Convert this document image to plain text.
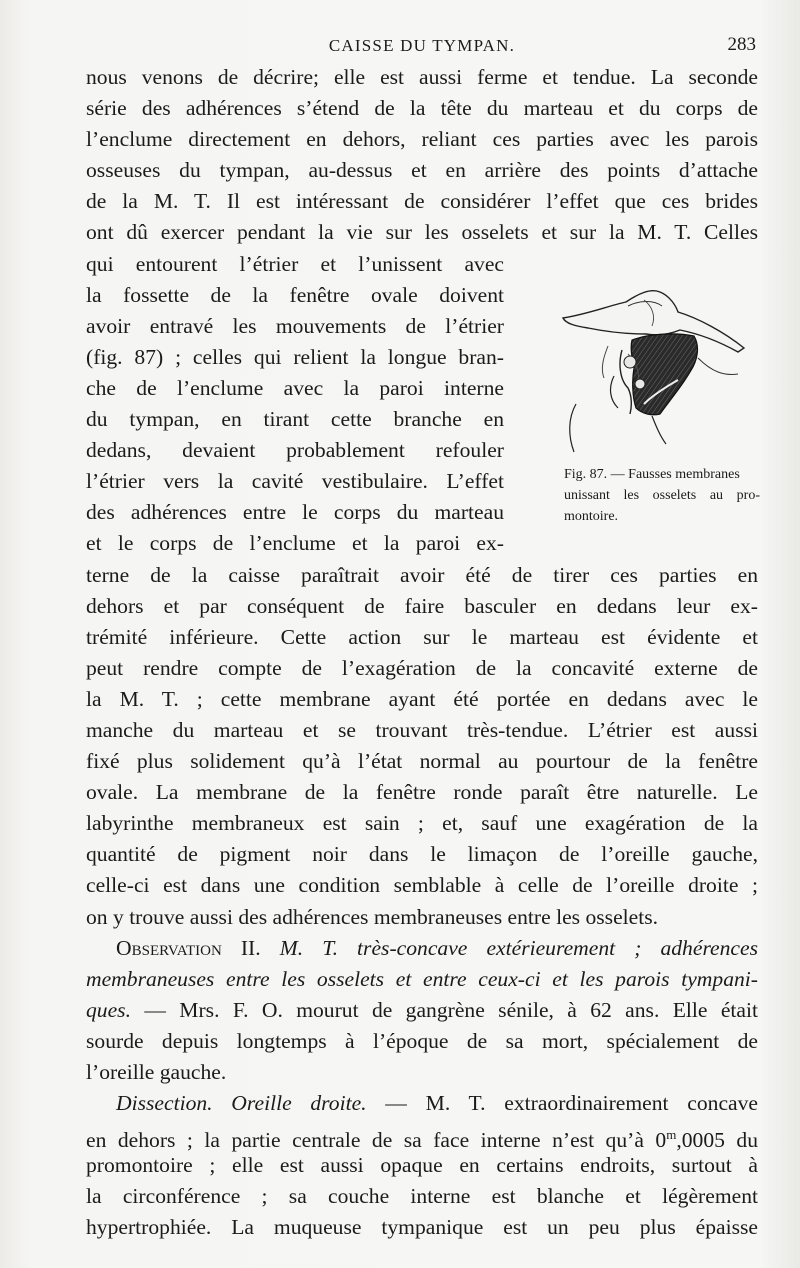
CAISSE DU TYMPAN.	283
Fig. 87. — Fausses membranes
unissant les osselets au pro-
montoire.
nous venons de décrire; elle est aussi ferme et tendue. La seconde
série des adhérences s’étend de la tête du marteau et du corps de
l’enclume directement en dehors, reliant ces parties avec les parois
osseuses du tympan, au-dessus et en arrière des points d’attache
de la M. T. Il est intéressant de considérer l’effet que ces brides
ont dû exercer pendant la vie sur les osselets et sur la M. T. Celles
qui entourent l’étrier et l’unissent avec
la fossette de la fenêtre ovale doivent
avoir entravé les mouvements de l’étrier
(fig. 87) ; celles qui relient la longue bran-
che de l’enclume avec la paroi interne
du tympan, en tirant cette branche en
dedans, devaient probablement refouler
l’étrier vers la cavité vestibulaire. L’effet
des adhérences entre le corps du marteau
et le corps de l’enclume et la paroi ex-
terne de la caisse paraîtrait avoir été de tirer ces parties en
dehors et par conséquent de faire basculer en dedans leur ex-
trémité inférieure. Cette action sur le marteau est évidente et
peut rendre compte de l’exagération de la concavité externe de
la M. T. ; cette membrane ayant été portée en dedans avec le
manche du marteau et se trouvant très-tendue. L’étrier est aussi
fixé plus solidement qu’à l’état normal au pourtour de la fenêtre
ovale. La membrane de la fenêtre ronde paraît être naturelle. Le
labyrinthe membraneux est sain ; et, sauf une exagération de la
quantité de pigment noir dans le limaçon de l’oreille gauche,
celle-ci est dans une condition semblable à celle de l’oreille droite ;
on y trouve aussi des adhérences membraneuses entre les osselets.
Observation II. M. T. très-concave extérieurement ; adhérences
membraneuses entre les osselets et entre ceux-ci et les parois tympani-
ques. — Mrs. F. O. mourut de gangrène sénile, à 62 ans. Elle était
sourde depuis longtemps à l’époque de sa mort, spécialement de
l’oreille gauche.
Dissection. Oreille droite. — M. T. extraordinairement concave
en dehors ; la partie centrale de sa face interne n’est qu’à 0$^m$,0005 du
promontoire ; elle est aussi opaque en certains endroits, surtout à
la circonférence ; sa couche interne est blanche et légèrement
hypertrophiée. La muqueuse tympanique est un peu plus épaisse
